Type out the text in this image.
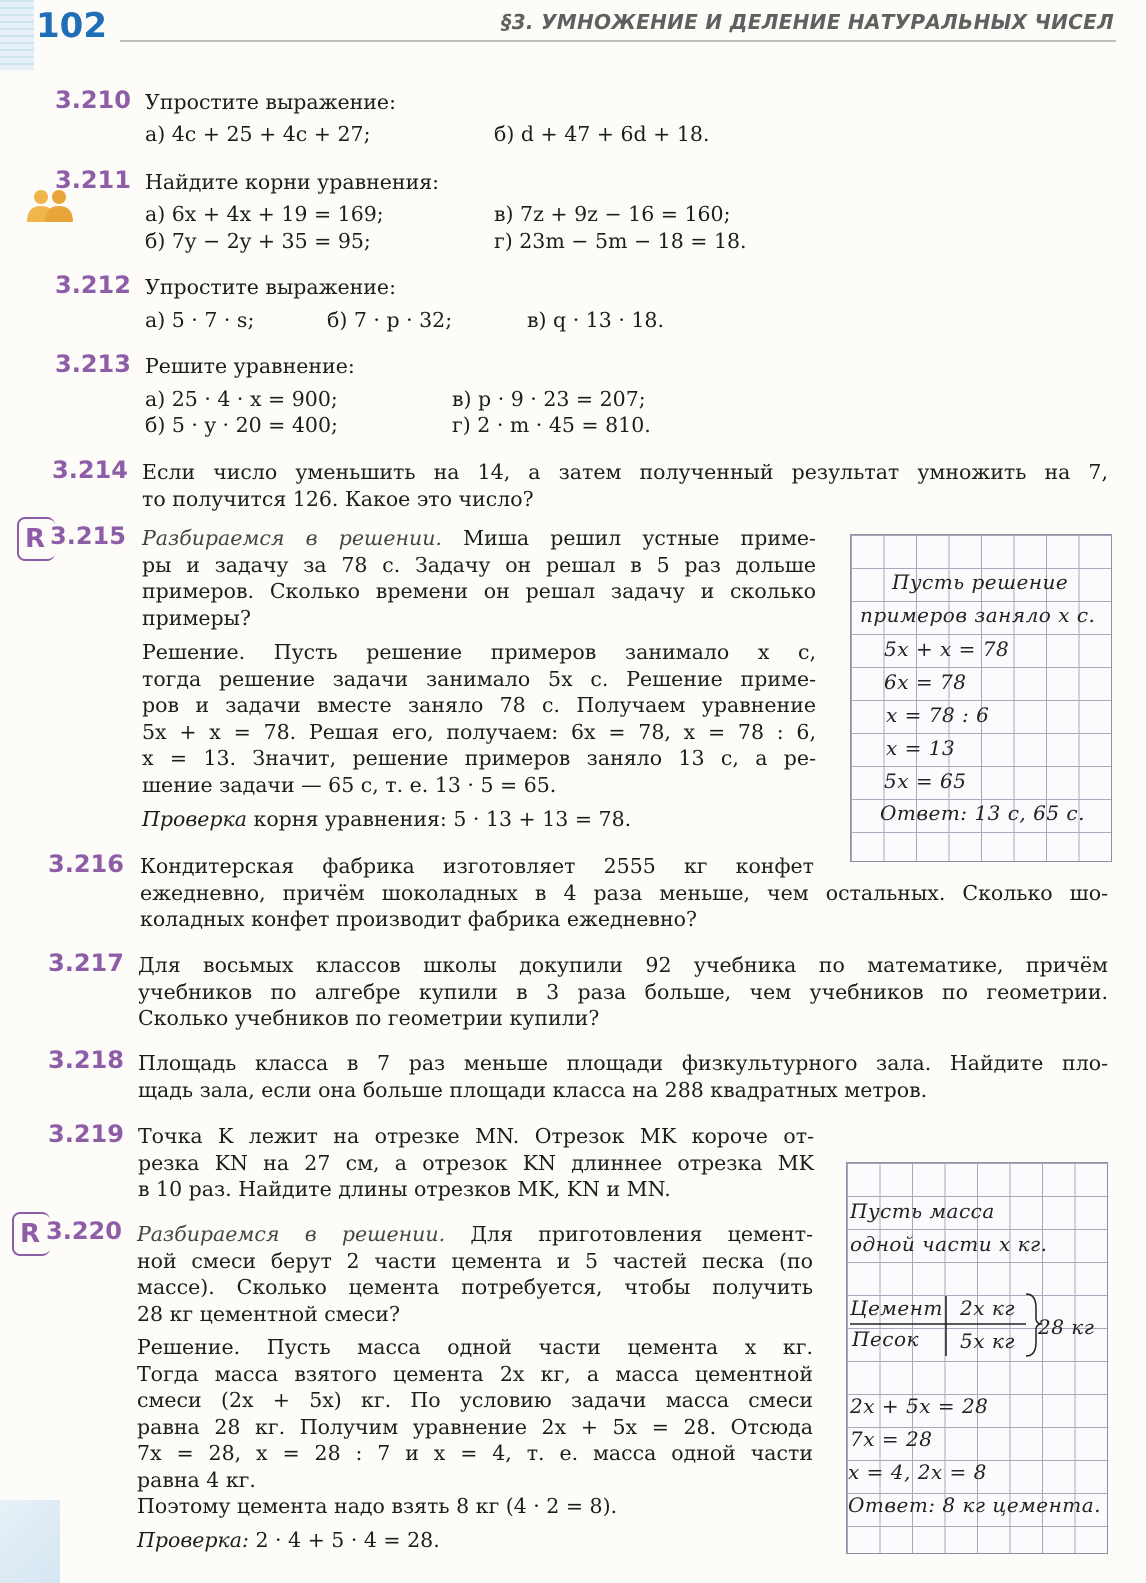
102	§3. УМНОЖЕНИЕ И ДЕЛЕНИЕ НАТУРАЛЬНЫХ ЧИСЕЛ
3.210 Упростите выражение:
а) 4c + 25 + 4c + 27;	б) d + 47 + 6d + 18.
3.211 Найдите корни уравнения:
а) 6x + 4x + 19 = 169;	в) 7z + 9z − 16 = 160;
б) 7y − 2y + 35 = 95;	г) 23m − 5m − 18 = 18.
3.212 Упростите выражение:
а) 5 · 7 · s;	б) 7 · p · 32;	в) q · 13 · 18.
3.213 Решите уравнение:
а) 25 · 4 · x = 900;	в) p · 9 · 23 = 207;
б) 5 · y · 20 = 400;	г) 2 · m · 45 = 810.
3.214 Если число уменьшить на 14, а затем полученный результат умножить на 7,
то получится 126. Какое это число?
R 3.215 Разбираемся в решении. Миша решил устные приме-
ры и задачу за 78 с. Задачу он решал в 5 раз дольше
примеров. Сколько времени он решал задачу и сколько
примеры?
Решение. Пусть решение примеров занимало x с,
тогда решение задачи занимало 5x с. Решение приме-
ров и задачи вместе заняло 78 с. Получаем уравнение
5x + x = 78. Решая его, получаем: 6x = 78, x = 78 : 6,
x = 13. Значит, решение примеров заняло 13 с, а ре-
шение задачи — 65 с, т. е. 13 · 5 = 65.
Проверка корня уравнения: 5 · 13 + 13 = 78.
Пусть решение
примеров заняло x с.
5x + x = 78
6x = 78
x = 78 : 6
x = 13
5x = 65
Ответ: 13 с, 65 с.
3.216 Кондитерская фабрика изготовляет 2555 кг конфет
ежедневно, причём шоколадных в 4 раза меньше, чем остальных. Сколько шо-
коладных конфет производит фабрика ежедневно?
3.217 Для восьмых классов школы докупили 92 учебника по математике, причём
учебников по алгебре купили в 3 раза больше, чем учебников по геометрии.
Сколько учебников по геометрии купили?
3.218 Площадь класса в 7 раз меньше площади физкультурного зала. Найдите пло-
щадь зала, если она больше площади класса на 288 квадратных метров.
3.219 Точка K лежит на отрезке MN. Отрезок MK короче от-
резка KN на 27 см, а отрезок KN длиннее отрезка MK
в 10 раз. Найдите длины отрезков MK, KN и MN.
R 3.220 Разбираемся в решении. Для приготовления цемент-
ной смеси берут 2 части цемента и 5 частей песка (по
массе). Сколько цемента потребуется, чтобы получить
28 кг цементной смеси?
Решение. Пусть масса одной части цемента x кг.
Тогда масса взятого цемента 2x кг, а масса цементной
смеси (2x + 5x) кг. По условию задачи масса смеси
равна 28 кг. Получим уравнение 2x + 5x = 28. Отсюда
7x = 28, x = 28 : 7 и x = 4, т. е. масса одной части
равна 4 кг.
Поэтому цемента надо взять 8 кг (4 · 2 = 8).
Проверка: 2 · 4 + 5 · 4 = 28.
Пусть масса
одной части x кг.
Цемент 2x кг
Песок 5x кг
28 кг
2x + 5x = 28
7x = 28
x = 4, 2x = 8
Ответ: 8 кг цемента.
